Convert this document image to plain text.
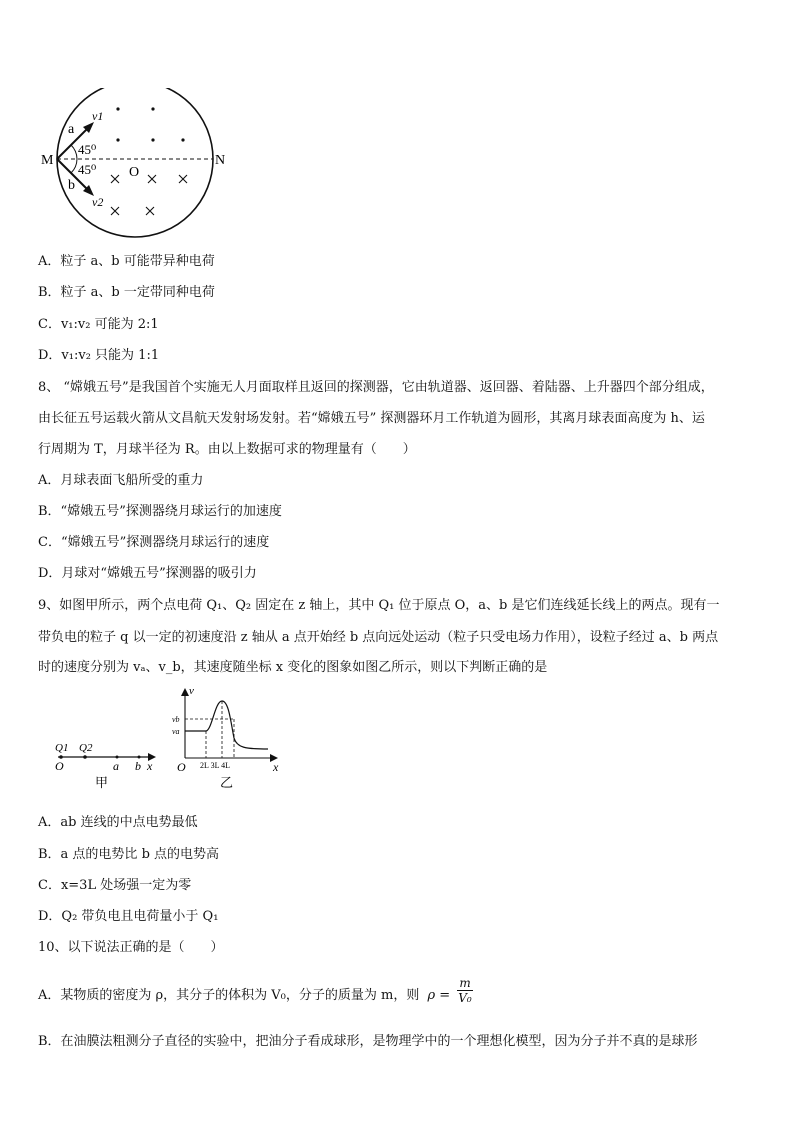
M	N
O
a
b
v1
v2
45⁰
45⁰
A．粒子 a、b 可能带异种电荷
B．粒子 a、b 一定带同种电荷
C．v₁:v₂ 可能为 2:1
D．v₁:v₂ 只能为 1:1
8、 “嫦娥五号”是我国首个实施无人月面取样且返回的探测器，它由轨道器、返回器、着陆器、上升器四个部分组成，
由长征五号运载火箭从文昌航天发射场发射。若“嫦娥五号” 探测器环月工作轨道为圆形，其离月球表面高度为 h、运
行周期为 T，月球半径为 R。由以上数据可求的物理量有（　　）
A．月球表面飞船所受的重力
B．“嫦娥五号”探测器绕月球运行的加速度
C．“嫦娥五号”探测器绕月球运行的速度
D．月球对“嫦娥五号”探测器的吸引力
9、如图甲所示，两个点电荷 Q₁、Q₂ 固定在 z 轴上，其中 Q₁ 位于原点 O，a、b 是它们连线延长线上的两点。现有一
带负电的粒子 q 以一定的初速度沿 z 轴从 a 点开始经 b 点向远处运动（粒子只受电场力作用），设粒子经过 a、b 两点
时的速度分别为 vₐ、v_b，其速度随坐标 x 变化的图象如图乙所示，则以下判断正确的是
Q1 Q2
O	a b x
甲
v
vb
va
O 2L 3L 4L	x
乙
A．ab 连线的中点电势最低
B．a 点的电势比 b 点的电势高
C．x=3L 处场强一定为零
D．Q₂ 带负电且电荷量小于 Q₁
10、以下说法正确的是（　　）
A．某物质的密度为 ρ，其分子的体积为 V₀，分子的质量为 m，则 $\rho = \frac{m}{\text{V₀}}$
B．在油膜法粗测分子直径的实验中，把油分子看成球形，是物理学中的一个理想化模型，因为分子并不真的是球形
